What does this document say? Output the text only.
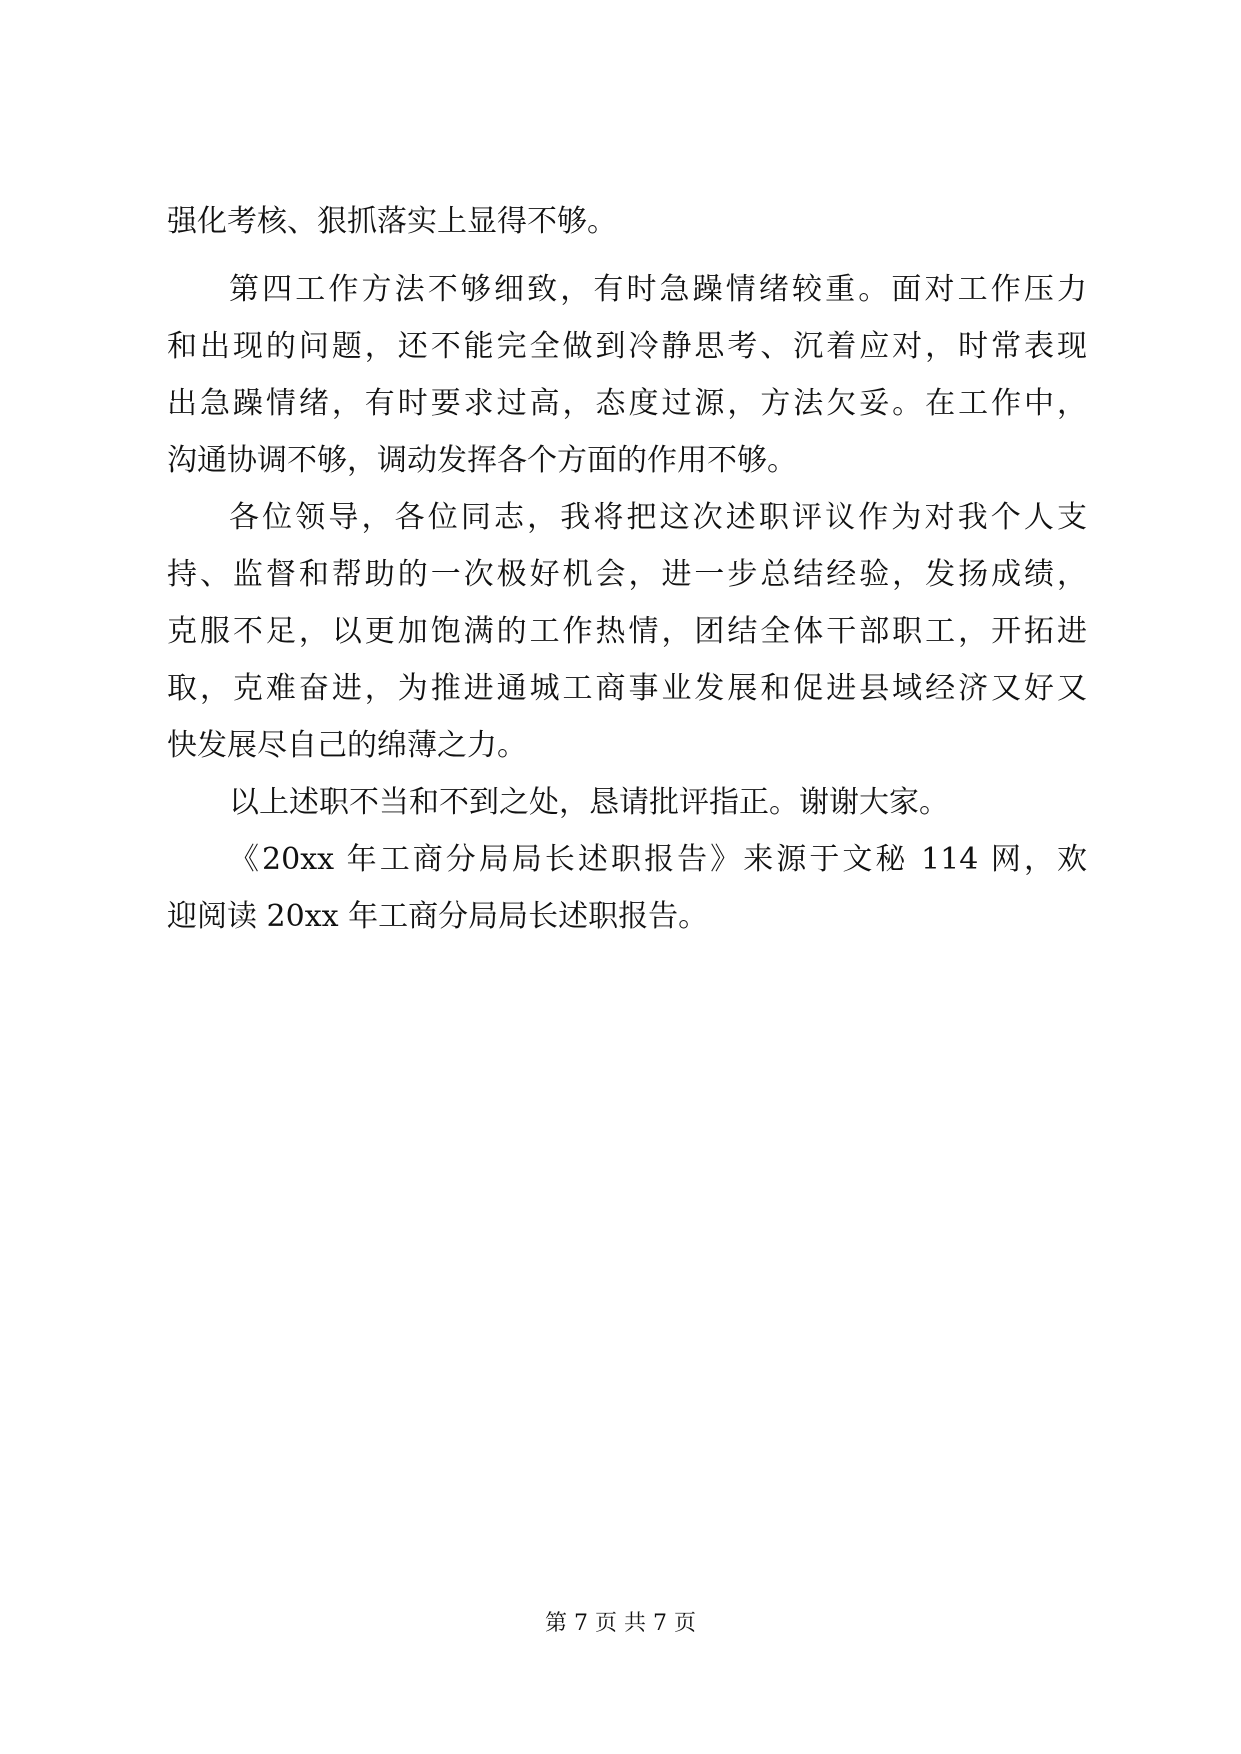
强化考核、狠抓落实上显得不够。
第四工作方法不够细致，有时急躁情绪较重。面对工作压力
和出现的问题，还不能完全做到冷静思考、沉着应对，时常表现
出急躁情绪，有时要求过高，态度过源，方法欠妥。在工作中，
沟通协调不够，调动发挥各个方面的作用不够。
各位领导，各位同志，我将把这次述职评议作为对我个人支
持、监督和帮助的一次极好机会，进一步总结经验，发扬成绩，
克服不足，以更加饱满的工作热情，团结全体干部职工，开拓进
取，克难奋进，为推进通城工商事业发展和促进县域经济又好又
快发展尽自己的绵薄之力。
以上述职不当和不到之处，恳请批评指正。谢谢大家。
《20xx 年工商分局局长述职报告》来源于文秘 114 网，欢
迎阅读 20xx 年工商分局局长述职报告。
第 7 页 共 7 页
